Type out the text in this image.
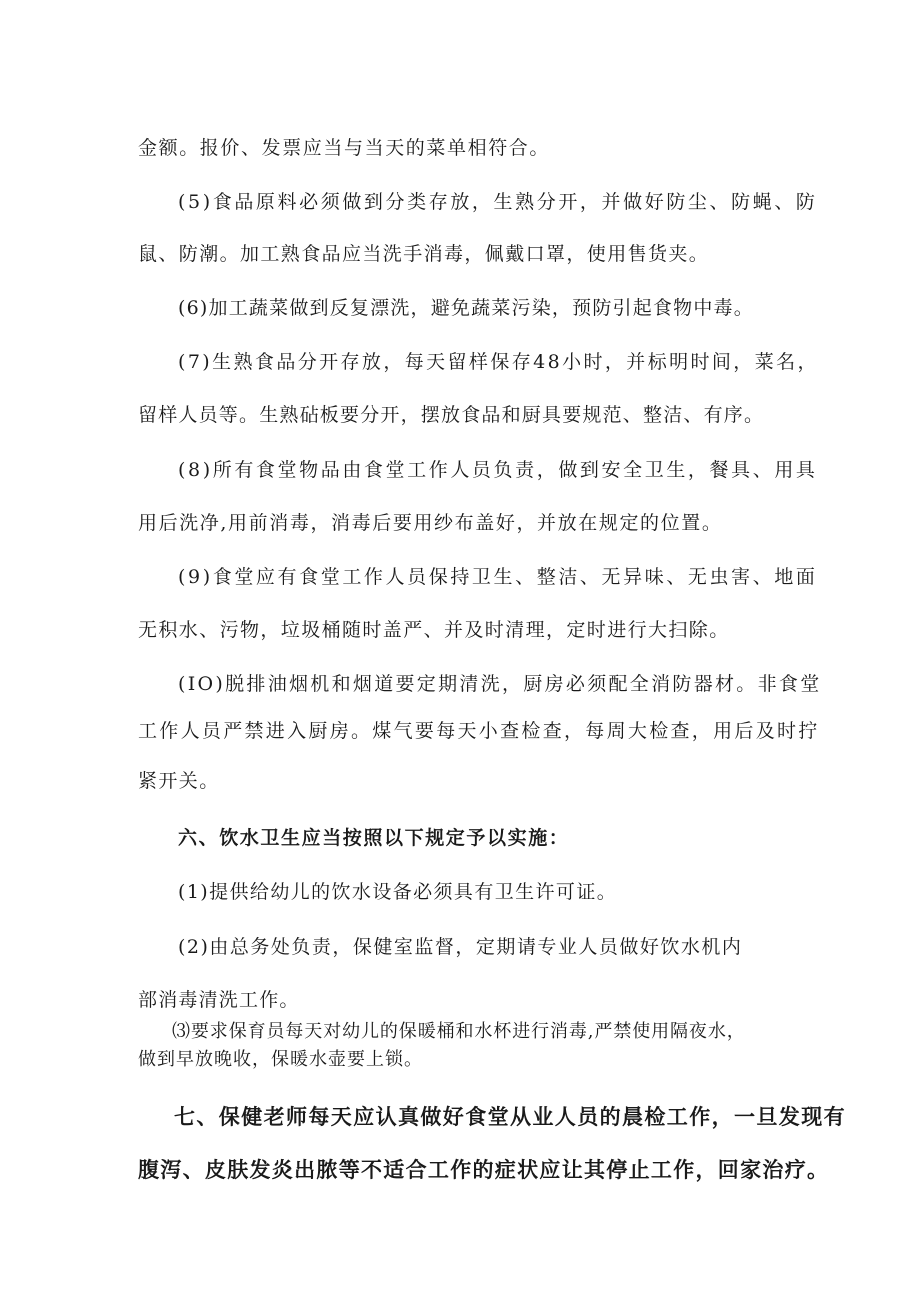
金额。报价、发票应当与当天的菜单相符合。
(5)食品原料必须做到分类存放，生熟分开，并做好防尘、防蝇、防
鼠、防潮。加工熟食品应当洗手消毒，佩戴口罩，使用售货夹。
(6)加工蔬菜做到反复漂洗，避免蔬菜污染，预防引起食物中毒。
(7)生熟食品分开存放，每天留样保存48小时，并标明时间，菜名，
留样人员等。生熟砧板要分开，摆放食品和厨具要规范、整洁、有序。
(8)所有食堂物品由食堂工作人员负责，做到安全卫生，餐具、用具
用后洗净,用前消毒，消毒后要用纱布盖好，并放在规定的位置。
(9)食堂应有食堂工作人员保持卫生、整洁、无异味、无虫害、地面
无积水、污物，垃圾桶随时盖严、并及时清理，定时进行大扫除。
(IO)脱排油烟机和烟道要定期清洗，厨房必须配全消防器材。非食堂
工作人员严禁进入厨房。煤气要每天小查检查，每周大检查，用后及时拧
紧开关。
六、饮水卫生应当按照以下规定予以实施：
(1)提供给幼儿的饮水设备必须具有卫生许可证。
(2)由总务处负责，保健室监督，定期请专业人员做好饮水机内
部消毒清洗工作。
⑶要求保育员每天对幼儿的保暖桶和水杯进行消毒,严禁使用隔夜水，
做到早放晚收，保暖水壶要上锁。
七、保健老师每天应认真做好食堂从业人员的晨检工作，一旦发现有
腹泻、皮肤发炎出脓等不适合工作的症状应让其停止工作，回家治疗。
